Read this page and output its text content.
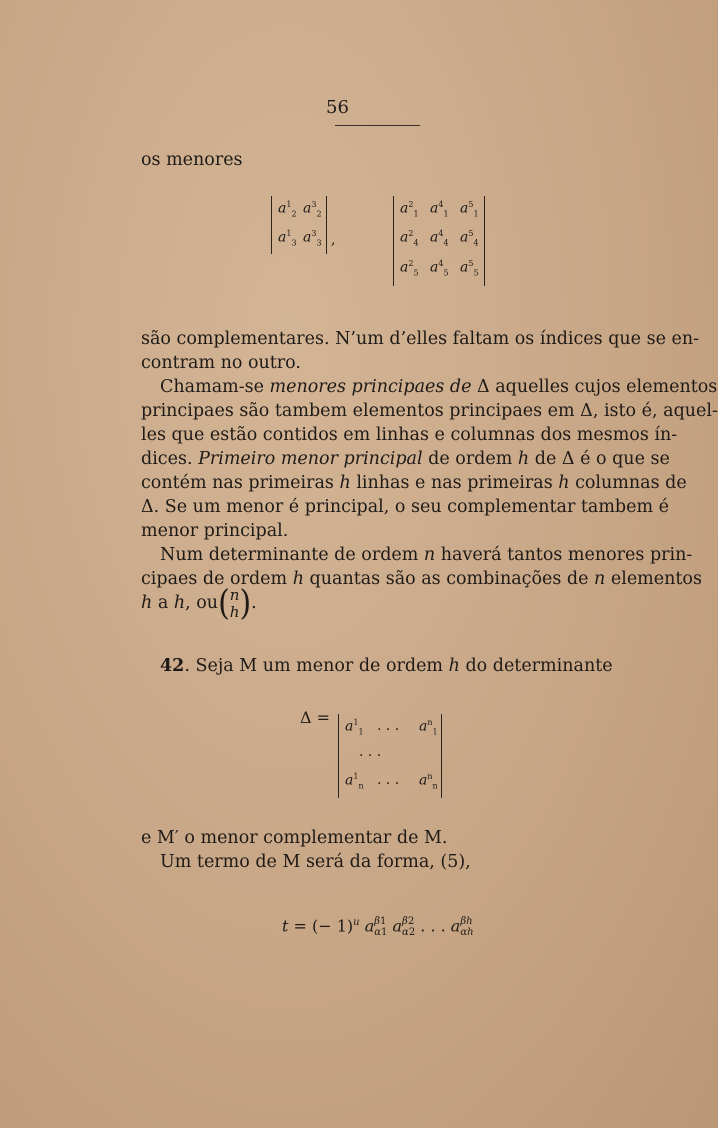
56
os menores
$a^1_2$ $a^3_2$
$a^1_3$ $a^3_3$ ,
$a^2_1$ $a^4_1$ $a^5_1$
$a^2_4$ $a^4_4$ $a^5_4$
$a^2_5$ $a^4_5$ $a^5_5$
são complementares. N’um d’elles faltam os índices que se en-
contram no outro.
Chamam-se menores principaes de Δ aquelles cujos elementos
principaes são tambem elementos principaes em Δ, isto é, aquel-
les que estão contidos em linhas e columnas dos mesmos ín-
dices. Primeiro menor principal de ordem h de Δ é o que se
contém nas primeiras h linhas e nas primeiras h columnas de
Δ. Se um menor é principal, o seu complementar tambem é
menor principal.
Num determinante de ordem n haverá tantos menores prin-
cipaes de ordem h quantas são as combinações de n elementos
h a h, ou(n
h).
42. Seja M um menor de ordem h do determinante
$\Delta = a^1_1$ . . . $a^n_1$
. . .
$a^1_n$ . . . $a^n_n$
e M′ o menor complementar de M.
Um termo de M será da forma, (5),
t = (− 1)$^u$ aβ1
α1 aβ2
α2 . . . aβh
αh
